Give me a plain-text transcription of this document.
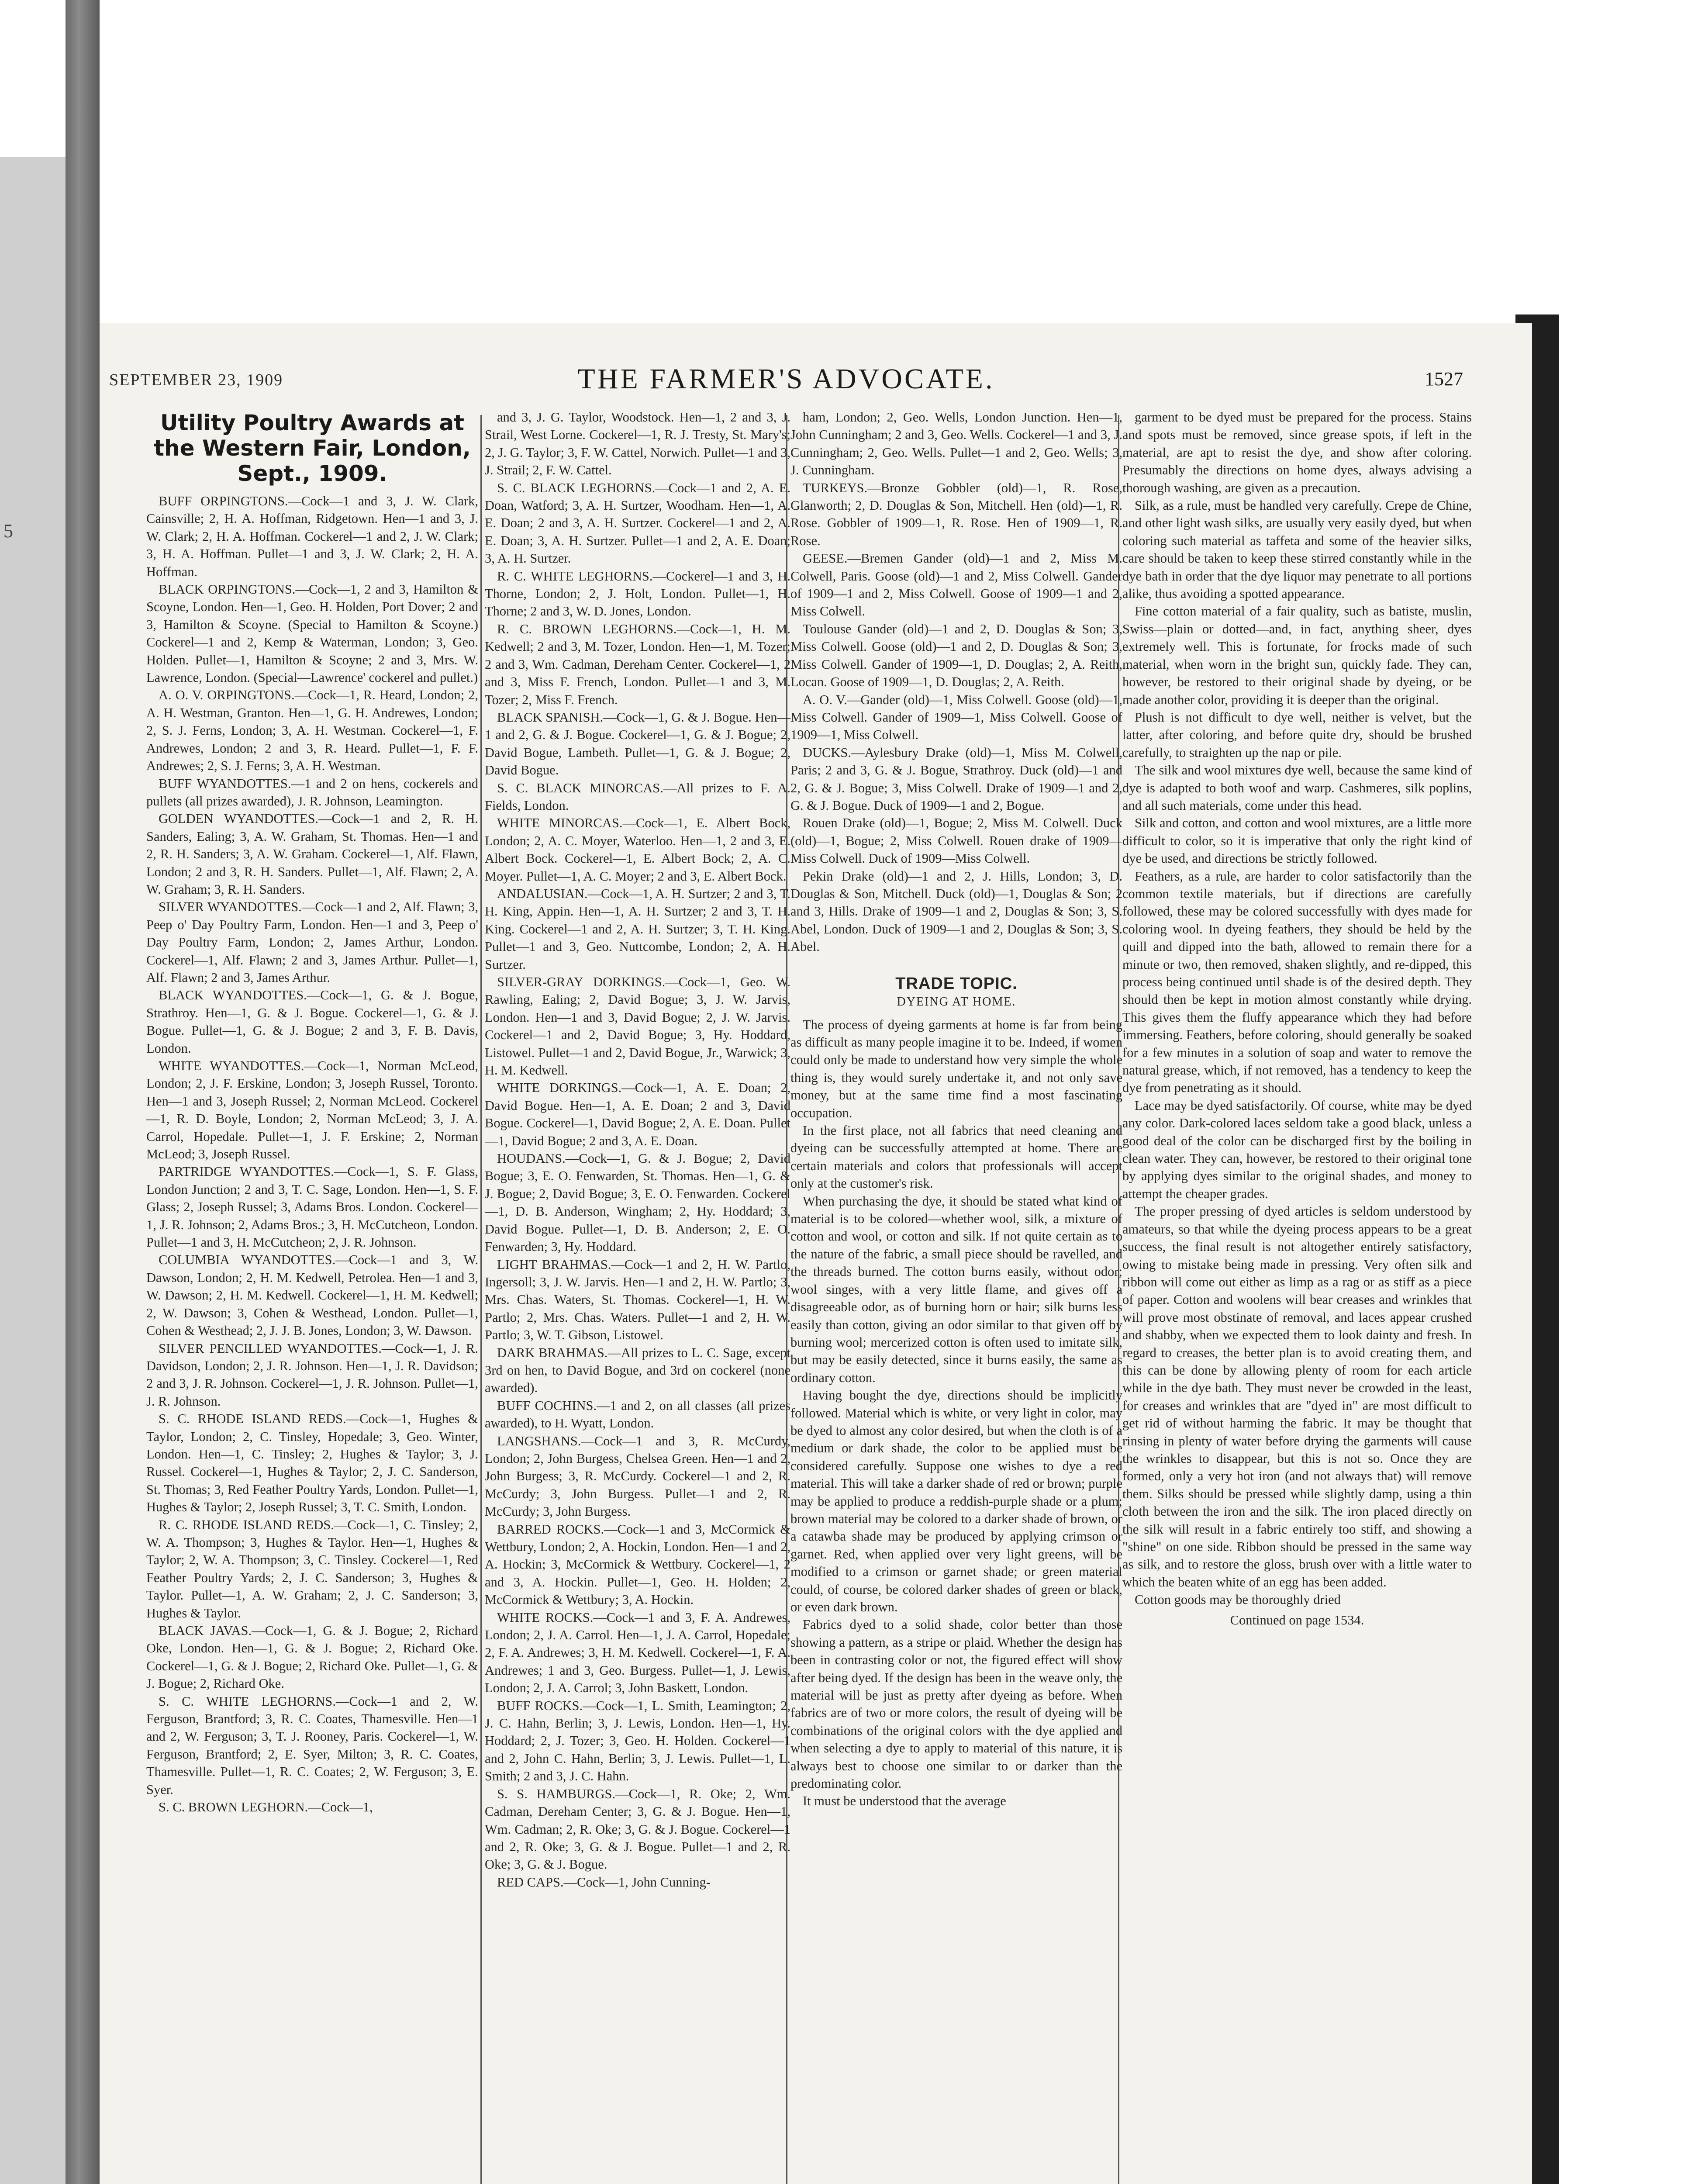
5
SEPTEMBER 23, 1909	THE FARMER'S ADVOCATE.	1527
Utility Poultry Awards at the Western Fair, London, Sept., 1909.

BUFF ORPINGTONS.—Cock—1 and 3, J. W. Clark, Cainsville; 2, H. A. Hoffman, Ridgetown. Hen—1 and 3, J. W. Clark; 2, H. A. Hoffman. Cockerel—1 and 2, J. W. Clark; 3, H. A. Hoffman. Pullet—1 and 3, J. W. Clark; 2, H. A. Hoffman.

BLACK ORPINGTONS.—Cock—1, 2 and 3, Hamilton & Scoyne, London. Hen—1, Geo. H. Holden, Port Dover; 2 and 3, Hamilton & Scoyne. (Special to Hamilton & Scoyne.) Cockerel—1 and 2, Kemp & Waterman, London; 3, Geo. Holden. Pullet—1, Hamilton & Scoyne; 2 and 3, Mrs. W. Lawrence, London. (Special—Lawrence' cockerel and pullet.)

A. O. V. ORPINGTONS.—Cock—1, R. Heard, London; 2, A. H. Westman, Granton. Hen—1, G. H. Andrewes, London; 2, S. J. Ferns, London; 3, A. H. Westman. Cockerel—1, F. Andrewes, London; 2 and 3, R. Heard. Pullet—1, F. F. Andrewes; 2, S. J. Ferns; 3, A. H. Westman.

BUFF WYANDOTTES.—1 and 2 on hens, cockerels and pullets (all prizes awarded), J. R. Johnson, Leamington.

GOLDEN WYANDOTTES.—Cock—1 and 2, R. H. Sanders, Ealing; 3, A. W. Graham, St. Thomas. Hen—1 and 2, R. H. Sanders; 3, A. W. Graham. Cockerel—1, Alf. Flawn, London; 2 and 3, R. H. Sanders. Pullet—1, Alf. Flawn; 2, A. W. Graham; 3, R. H. Sanders.

SILVER WYANDOTTES.—Cock—1 and 2, Alf. Flawn; 3, Peep o' Day Poultry Farm, London. Hen—1 and 3, Peep o' Day Poultry Farm, London; 2, James Arthur, London. Cockerel—1, Alf. Flawn; 2 and 3, James Arthur. Pullet—1, Alf. Flawn; 2 and 3, James Arthur.

BLACK WYANDOTTES.—Cock—1, G. & J. Bogue, Strathroy. Hen—1, G. & J. Bogue. Cockerel—1, G. & J. Bogue. Pullet—1, G. & J. Bogue; 2 and 3, F. B. Davis, London.

WHITE WYANDOTTES.—Cock—1, Norman McLeod, London; 2, J. F. Erskine, London; 3, Joseph Russel, Toronto. Hen—1 and 3, Joseph Russel; 2, Norman McLeod. Cockerel—1, R. D. Boyle, London; 2, Norman McLeod; 3, J. A. Carrol, Hopedale. Pullet—1, J. F. Erskine; 2, Norman McLeod; 3, Joseph Russel.

PARTRIDGE WYANDOTTES.—Cock—1, S. F. Glass, London Junction; 2 and 3, T. C. Sage, London. Hen—1, S. F. Glass; 2, Joseph Russel; 3, Adams Bros. London. Cockerel—1, J. R. Johnson; 2, Adams Bros.; 3, H. McCutcheon, London. Pullet—1 and 3, H. McCutcheon; 2, J. R. Johnson.

COLUMBIA WYANDOTTES.—Cock—1 and 3, W. Dawson, London; 2, H. M. Kedwell, Petrolea. Hen—1 and 3, W. Dawson; 2, H. M. Kedwell. Cockerel—1, H. M. Kedwell; 2, W. Dawson; 3, Cohen & Westhead, London. Pullet—1, Cohen & Westhead; 2, J. J. B. Jones, London; 3, W. Dawson.

SILVER PENCILLED WYANDOTTES.—Cock—1, J. R. Davidson, London; 2, J. R. Johnson. Hen—1, J. R. Davidson; 2 and 3, J. R. Johnson. Cockerel—1, J. R. Johnson. Pullet—1, J. R. Johnson.

S. C. RHODE ISLAND REDS.—Cock—1, Hughes & Taylor, London; 2, C. Tinsley, Hopedale; 3, Geo. Winter, London. Hen—1, C. Tinsley; 2, Hughes & Taylor; 3, J. Russel. Cockerel—1, Hughes & Taylor; 2, J. C. Sanderson, St. Thomas; 3, Red Feather Poultry Yards, London. Pullet—1, Hughes & Taylor; 2, Joseph Russel; 3, T. C. Smith, London.

R. C. RHODE ISLAND REDS.—Cock—1, C. Tinsley; 2, W. A. Thompson; 3, Hughes & Taylor. Hen—1, Hughes & Taylor; 2, W. A. Thompson; 3, C. Tinsley. Cockerel—1, Red Feather Poultry Yards; 2, J. C. Sanderson; 3, Hughes & Taylor. Pullet—1, A. W. Graham; 2, J. C. Sanderson; 3, Hughes & Taylor.

BLACK JAVAS.—Cock—1, G. & J. Bogue; 2, Richard Oke, London. Hen—1, G. & J. Bogue; 2, Richard Oke. Cockerel—1, G. & J. Bogue; 2, Richard Oke. Pullet—1, G. & J. Bogue; 2, Richard Oke.

S. C. WHITE LEGHORNS.—Cock—1 and 2, W. Ferguson, Brantford; 3, R. C. Coates, Thamesville. Hen—1 and 2, W. Ferguson; 3, T. J. Rooney, Paris. Cockerel—1, W. Ferguson, Brantford; 2, E. Syer, Milton; 3, R. C. Coates, Thamesville. Pullet—1, R. C. Coates; 2, W. Ferguson; 3, E. Syer.

S. C. BROWN LEGHORN.—Cock—1,

and 3, J. G. Taylor, Woodstock. Hen—1, 2 and 3, J. Strail, West Lorne. Cockerel—1, R. J. Tresty, St. Mary's; 2, J. G. Taylor; 3, F. W. Cattel, Norwich. Pullet—1 and 3, J. Strail; 2, F. W. Cattel.

S. C. BLACK LEGHORNS.—Cock—1 and 2, A. E. Doan, Watford; 3, A. H. Surtzer, Woodham. Hen—1, A. E. Doan; 2 and 3, A. H. Surtzer. Cockerel—1 and 2, A. E. Doan; 3, A. H. Surtzer. Pullet—1 and 2, A. E. Doan; 3, A. H. Surtzer.

R. C. WHITE LEGHORNS.—Cockerel—1 and 3, H. Thorne, London; 2, J. Holt, London. Pullet—1, H. Thorne; 2 and 3, W. D. Jones, London.

R. C. BROWN LEGHORNS.—Cock—1, H. M. Kedwell; 2 and 3, M. Tozer, London. Hen—1, M. Tozer; 2 and 3, Wm. Cadman, Dereham Center. Cockerel—1, 2 and 3, Miss F. French, London. Pullet—1 and 3, M. Tozer; 2, Miss F. French.

BLACK SPANISH.—Cock—1, G. & J. Bogue. Hen—1 and 2, G. & J. Bogue. Cockerel—1, G. & J. Bogue; 2, David Bogue, Lambeth. Pullet—1, G. & J. Bogue; 2, David Bogue.

S. C. BLACK MINORCAS.—All prizes to F. A. Fields, London.

WHITE MINORCAS.—Cock—1, E. Albert Bock, London; 2, A. C. Moyer, Waterloo. Hen—1, 2 and 3, E. Albert Bock. Cockerel—1, E. Albert Bock; 2, A. C. Moyer. Pullet—1, A. C. Moyer; 2 and 3, E. Albert Bock.

ANDALUSIAN.—Cock—1, A. H. Surtzer; 2 and 3, T. H. King, Appin. Hen—1, A. H. Surtzer; 2 and 3, T. H. King. Cockerel—1 and 2, A. H. Surtzer; 3, T. H. King. Pullet—1 and 3, Geo. Nuttcombe, London; 2, A. H. Surtzer.

SILVER-GRAY DORKINGS.—Cock—1, Geo. W. Rawling, Ealing; 2, David Bogue; 3, J. W. Jarvis, London. Hen—1 and 3, David Bogue; 2, J. W. Jarvis. Cockerel—1 and 2, David Bogue; 3, Hy. Hoddard, Listowel. Pullet—1 and 2, David Bogue, Jr., Warwick; 3, H. M. Kedwell.

WHITE DORKINGS.—Cock—1, A. E. Doan; 2, David Bogue. Hen—1, A. E. Doan; 2 and 3, David Bogue. Cockerel—1, David Bogue; 2, A. E. Doan. Pullet—1, David Bogue; 2 and 3, A. E. Doan.

HOUDANS.—Cock—1, G. & J. Bogue; 2, David Bogue; 3, E. O. Fenwarden, St. Thomas. Hen—1, G. & J. Bogue; 2, David Bogue; 3, E. O. Fenwarden. Cockerel—1, D. B. Anderson, Wingham; 2, Hy. Hoddard; 3, David Bogue. Pullet—1, D. B. Anderson; 2, E. O. Fenwarden; 3, Hy. Hoddard.

LIGHT BRAHMAS.—Cock—1 and 2, H. W. Partlo, Ingersoll; 3, J. W. Jarvis. Hen—1 and 2, H. W. Partlo; 3, Mrs. Chas. Waters, St. Thomas. Cockerel—1, H. W. Partlo; 2, Mrs. Chas. Waters. Pullet—1 and 2, H. W. Partlo; 3, W. T. Gibson, Listowel.

DARK BRAHMAS.—All prizes to L. C. Sage, except 3rd on hen, to David Bogue, and 3rd on cockerel (none awarded).

BUFF COCHINS.—1 and 2, on all classes (all prizes awarded), to H. Wyatt, London.

LANGSHANS.—Cock—1 and 3, R. McCurdy, London; 2, John Burgess, Chelsea Green. Hen—1 and 2, John Burgess; 3, R. McCurdy. Cockerel—1 and 2, R. McCurdy; 3, John Burgess. Pullet—1 and 2, R. McCurdy; 3, John Burgess.

BARRED ROCKS.—Cock—1 and 3, McCormick & Wettbury, London; 2, A. Hockin, London. Hen—1 and 2, A. Hockin; 3, McCormick & Wettbury. Cockerel—1, 2 and 3, A. Hockin. Pullet—1, Geo. H. Holden; 2, McCormick & Wettbury; 3, A. Hockin.

WHITE ROCKS.—Cock—1 and 3, F. A. Andrewes, London; 2, J. A. Carrol. Hen—1, J. A. Carrol, Hopedale; 2, F. A. Andrewes; 3, H. M. Kedwell. Cockerel—1, F. A. Andrewes; 1 and 3, Geo. Burgess. Pullet—1, J. Lewis, London; 2, J. A. Carrol; 3, John Baskett, London.

BUFF ROCKS.—Cock—1, L. Smith, Leamington; 2, J. C. Hahn, Berlin; 3, J. Lewis, London. Hen—1, Hy. Hoddard; 2, J. Tozer; 3, Geo. H. Holden. Cockerel—1 and 2, John C. Hahn, Berlin; 3, J. Lewis. Pullet—1, L. Smith; 2 and 3, J. C. Hahn.

S. S. HAMBURGS.—Cock—1, R. Oke; 2, Wm. Cadman, Dereham Center; 3, G. & J. Bogue. Hen—1, Wm. Cadman; 2, R. Oke; 3, G. & J. Bogue. Cockerel—1 and 2, R. Oke; 3, G. & J. Bogue. Pullet—1 and 2, R. Oke; 3, G. & J. Bogue.

RED CAPS.—Cock—1, John Cunning-

ham, London; 2, Geo. Wells, London Junction. Hen—1, John Cunningham; 2 and 3, Geo. Wells. Cockerel—1 and 3, J. Cunningham; 2, Geo. Wells. Pullet—1 and 2, Geo. Wells; 3, J. Cunningham.

TURKEYS.—Bronze Gobbler (old)—1, R. Rose, Glanworth; 2, D. Douglas & Son, Mitchell. Hen (old)—1, R. Rose. Gobbler of 1909—1, R. Rose. Hen of 1909—1, R. Rose.

GEESE.—Bremen Gander (old)—1 and 2, Miss M. Colwell, Paris. Goose (old)—1 and 2, Miss Colwell. Gander of 1909—1 and 2, Miss Colwell. Goose of 1909—1 and 2, Miss Colwell.

Toulouse Gander (old)—1 and 2, D. Douglas & Son; 3, Miss Colwell. Goose (old)—1 and 2, D. Douglas & Son; 3, Miss Colwell. Gander of 1909—1, D. Douglas; 2, A. Reith, Locan. Goose of 1909—1, D. Douglas; 2, A. Reith.

A. O. V.—Gander (old)—1, Miss Colwell. Goose (old)—1, Miss Colwell. Gander of 1909—1, Miss Colwell. Goose of 1909—1, Miss Colwell.

DUCKS.—Aylesbury Drake (old)—1, Miss M. Colwell, Paris; 2 and 3, G. & J. Bogue, Strathroy. Duck (old)—1 and 2, G. & J. Bogue; 3, Miss Colwell. Drake of 1909—1 and 2, G. & J. Bogue. Duck of 1909—1 and 2, Bogue.

Rouen Drake (old)—1, Bogue; 2, Miss M. Colwell. Duck (old)—1, Bogue; 2, Miss Colwell. Rouen drake of 1909—Miss Colwell. Duck of 1909—Miss Colwell.

Pekin Drake (old)—1 and 2, J. Hills, London; 3, D. Douglas & Son, Mitchell. Duck (old)—1, Douglas & Son; 2 and 3, Hills. Drake of 1909—1 and 2, Douglas & Son; 3, S. Abel, London. Duck of 1909—1 and 2, Douglas & Son; 3, S. Abel.

TRADE TOPIC.
DYEING AT HOME.

The process of dyeing garments at home is far from being as difficult as many people imagine it to be. Indeed, if women could only be made to understand how very simple the whole thing is, they would surely undertake it, and not only save money, but at the same time find a most fascinating occupation.

In the first place, not all fabrics that need cleaning and dyeing can be successfully attempted at home. There are certain materials and colors that professionals will accept only at the customer's risk.

When purchasing the dye, it should be stated what kind of material is to be colored—whether wool, silk, a mixture of cotton and wool, or cotton and silk. If not quite certain as to the nature of the fabric, a small piece should be ravelled, and the threads burned. The cotton burns easily, without odor; wool singes, with a very little flame, and gives off a disagreeable odor, as of burning horn or hair; silk burns less easily than cotton, giving an odor similar to that given off by burning wool; mercerized cotton is often used to imitate silk, but may be easily detected, since it burns easily, the same as ordinary cotton.

Having bought the dye, directions should be implicitly followed. Material which is white, or very light in color, may be dyed to almost any color desired, but when the cloth is of a medium or dark shade, the color to be applied must be considered carefully. Suppose one wishes to dye a red material. This will take a darker shade of red or brown; purple may be applied to produce a reddish-purple shade or a plum; brown material may be colored to a darker shade of brown, or a catawba shade may be produced by applying crimson or garnet. Red, when applied over very light greens, will be modified to a crimson or garnet shade; or green material could, of course, be colored darker shades of green or black, or even dark brown.

Fabrics dyed to a solid shade, color better than those showing a pattern, as a stripe or plaid. Whether the design has been in contrasting color or not, the figured effect will show after being dyed. If the design has been in the weave only, the material will be just as pretty after dyeing as before. When fabrics are of two or more colors, the result of dyeing will be combinations of the original colors with the dye applied and when selecting a dye to apply to material of this nature, it is always best to choose one similar to or darker than the predominating color.

It must be understood that the average

garment to be dyed must be prepared for the process. Stains and spots must be removed, since grease spots, if left in the material, are apt to resist the dye, and show after coloring. Presumably the directions on home dyes, always advising a thorough washing, are given as a precaution.

Silk, as a rule, must be handled very carefully. Crepe de Chine, and other light wash silks, are usually very easily dyed, but when coloring such material as taffeta and some of the heavier silks, care should be taken to keep these stirred constantly while in the dye bath in order that the dye liquor may penetrate to all portions alike, thus avoiding a spotted appearance.

Fine cotton material of a fair quality, such as batiste, muslin, Swiss—plain or dotted—and, in fact, anything sheer, dyes extremely well. This is fortunate, for frocks made of such material, when worn in the bright sun, quickly fade. They can, however, be restored to their original shade by dyeing, or be made another color, providing it is deeper than the original.

Plush is not difficult to dye well, neither is velvet, but the latter, after coloring, and before quite dry, should be brushed carefully, to straighten up the nap or pile.

The silk and wool mixtures dye well, because the same kind of dye is adapted to both woof and warp. Cashmeres, silk poplins, and all such materials, come under this head.

Silk and cotton, and cotton and wool mixtures, are a little more difficult to color, so it is imperative that only the right kind of dye be used, and directions be strictly followed.

Feathers, as a rule, are harder to color satisfactorily than the common textile materials, but if directions are carefully followed, these may be colored successfully with dyes made for coloring wool. In dyeing feathers, they should be held by the quill and dipped into the bath, allowed to remain there for a minute or two, then removed, shaken slightly, and re-dipped, this process being continued until shade is of the desired depth. They should then be kept in motion almost constantly while drying. This gives them the fluffy appearance which they had before immersing. Feathers, before coloring, should generally be soaked for a few minutes in a solution of soap and water to remove the natural grease, which, if not removed, has a tendency to keep the dye from penetrating as it should.

Lace may be dyed satisfactorily. Of course, white may be dyed any color. Dark-colored laces seldom take a good black, unless a good deal of the color can be discharged first by the boiling in clean water. They can, however, be restored to their original tone by applying dyes similar to the original shades, and money to attempt the cheaper grades.

The proper pressing of dyed articles is seldom understood by amateurs, so that while the dyeing process appears to be a great success, the final result is not altogether entirely satisfactory, owing to mistake being made in pressing. Very often silk and ribbon will come out either as limp as a rag or as stiff as a piece of paper. Cotton and woolens will bear creases and wrinkles that will prove most obstinate of removal, and laces appear crushed and shabby, when we expected them to look dainty and fresh. In regard to creases, the better plan is to avoid creating them, and this can be done by allowing plenty of room for each article while in the dye bath. They must never be crowded in the least, for creases and wrinkles that are "dyed in" are most difficult to get rid of without harming the fabric. It may be thought that rinsing in plenty of water before drying the garments will cause the wrinkles to disappear, but this is not so. Once they are formed, only a very hot iron (and not always that) will remove them. Silks should be pressed while slightly damp, using a thin cloth between the iron and the silk. The iron placed directly on the silk will result in a fabric entirely too stiff, and showing a "shine" on one side. Ribbon should be pressed in the same way as silk, and to restore the gloss, brush over with a little water to which the beaten white of an egg has been added.

Cotton goods may be thoroughly dried

Continued on page 1534.
